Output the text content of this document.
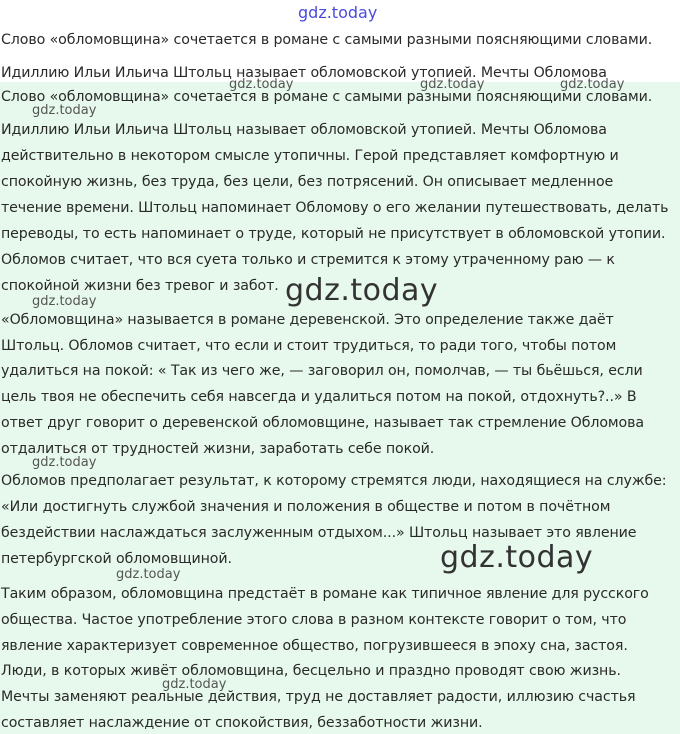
gdz.today
Слово «обломовщина» сочетается в романе с самыми разными поясняющими словами.
Идиллию Ильи Ильича Штольц называет обломовской утопией. Мечты Обломова
gdz.today	gdz.today	gdz.today
Слово «обломовщина» сочетается в романе с самыми разными поясняющими словами.
gdz.today
Идиллию Ильи Ильича Штольц называет обломовской утопией. Мечты Обломова
действительно в некотором смысле утопичны. Герой представляет комфортную и
спокойную жизнь, без труда, без цели, без потрясений. Он описывает медленное
течение времени. Штольц напоминает Обломову о его желании путешествовать, делать
переводы, то есть напоминает о труде, который не присутствует в обломовской утопии.
Обломов считает, что вся суета только и стремится к этому утраченному раю — к
спокойной жизни без тревог и забот. gdz.today
gdz.today
«Обломовщина» называется в романе деревенской. Это определение также даёт
Штольц. Обломов считает, что если и стоит трудиться, то ради того, чтобы потом
удалиться на покой: « Так из чего же, — заговорил он, помолчав, — ты бьёшься, если
цель твоя не обеспечить себя навсегда и удалиться потом на покой, отдохнуть?..» В
ответ друг говорит о деревенской обломовщине, называет так стремление Обломова
отдалиться от трудностей жизни, заработать себе покой.
gdz.today
Обломов предполагает результат, к которому стремятся люди, находящиеся на службе:
«Или достигнуть службой значения и положения в обществе и потом в почётном
бездействии наслаждаться заслуженным отдыхом...» Штольц называет это явление
петербургской обломовщиной.	gdz.today
gdz.today
Таким образом, обломовщина предстаёт в романе как типичное явление для русского
общества. Частое употребление этого слова в разном контексте говорит о том, что
явление характеризует современное общество, погрузившееся в эпоху сна, застоя.
Люди, в которых живёт обломовщина, бесцельно и праздно проводят свою жизнь.
gdz.today
Мечты заменяют реальные действия, труд не доставляет радости, иллюзию счастья
составляет наслаждение от спокойствия, беззаботности жизни.
